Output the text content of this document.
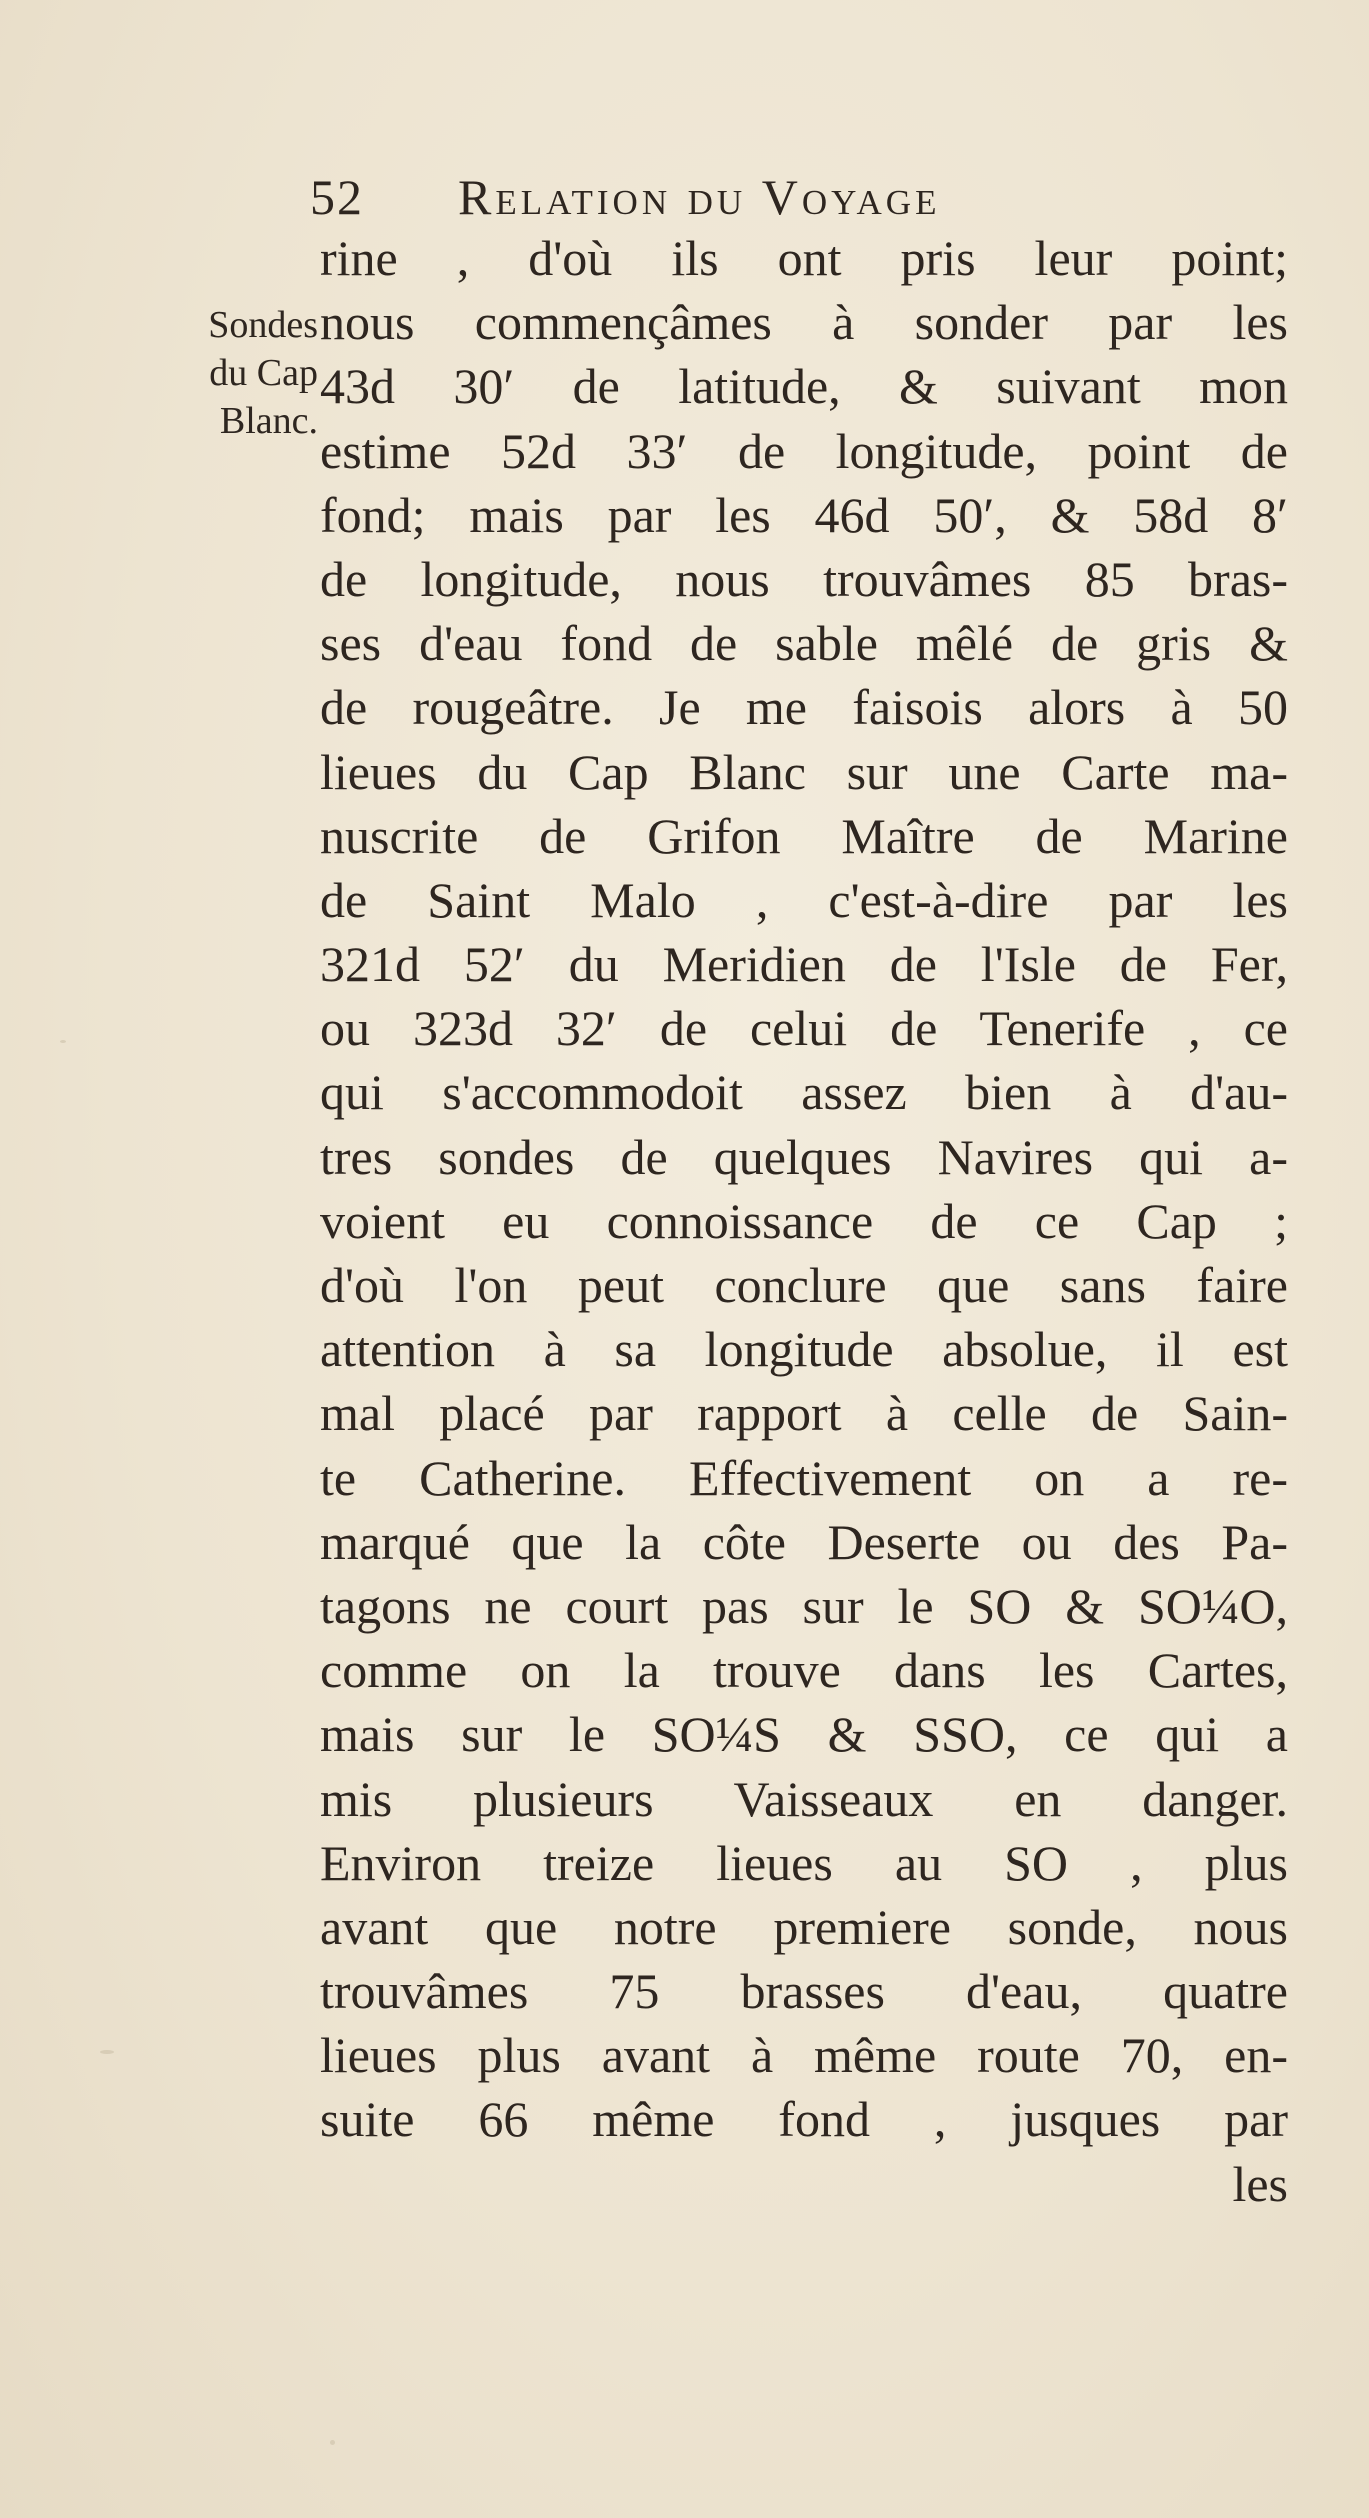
52 Relation du Voyage
Sondes
du Cap
Blanc.
rine , d'où ils ont pris leur point;
nous commençâmes à sonder par les
43d 30′ de latitude, & suivant mon
estime 52d 33′ de longitude, point de
fond; mais par les 46d 50′, & 58d 8′
de longitude, nous trouvâmes 85 bras-
ses d'eau fond de sable mêlé de gris &
de rougeâtre. Je me faisois alors à 50
lieues du Cap Blanc sur une Carte ma-
nuscrite de Grifon Maître de Marine
de Saint Malo , c'est-à-dire par les
321d 52′ du Meridien de l'Isle de Fer,
ou 323d 32′ de celui de Tenerife , ce
qui s'accommodoit assez bien à d'au-
tres sondes de quelques Navires qui a-
voient eu connoissance de ce Cap ;
d'où l'on peut conclure que sans faire
attention à sa longitude absolue, il est
mal placé par rapport à celle de Sain-
te Catherine. Effectivement on a re-
marqué que la côte Deserte ou des Pa-
tagons ne court pas sur le SO & SO¼O,
comme on la trouve dans les Cartes,
mais sur le SO¼S & SSO, ce qui a
mis plusieurs Vaisseaux en danger.
Environ treize lieues au SO , plus
avant que notre premiere sonde, nous
trouvâmes 75 brasses d'eau, quatre
lieues plus avant à même route 70, en-
suite 66 même fond , jusques par
les
